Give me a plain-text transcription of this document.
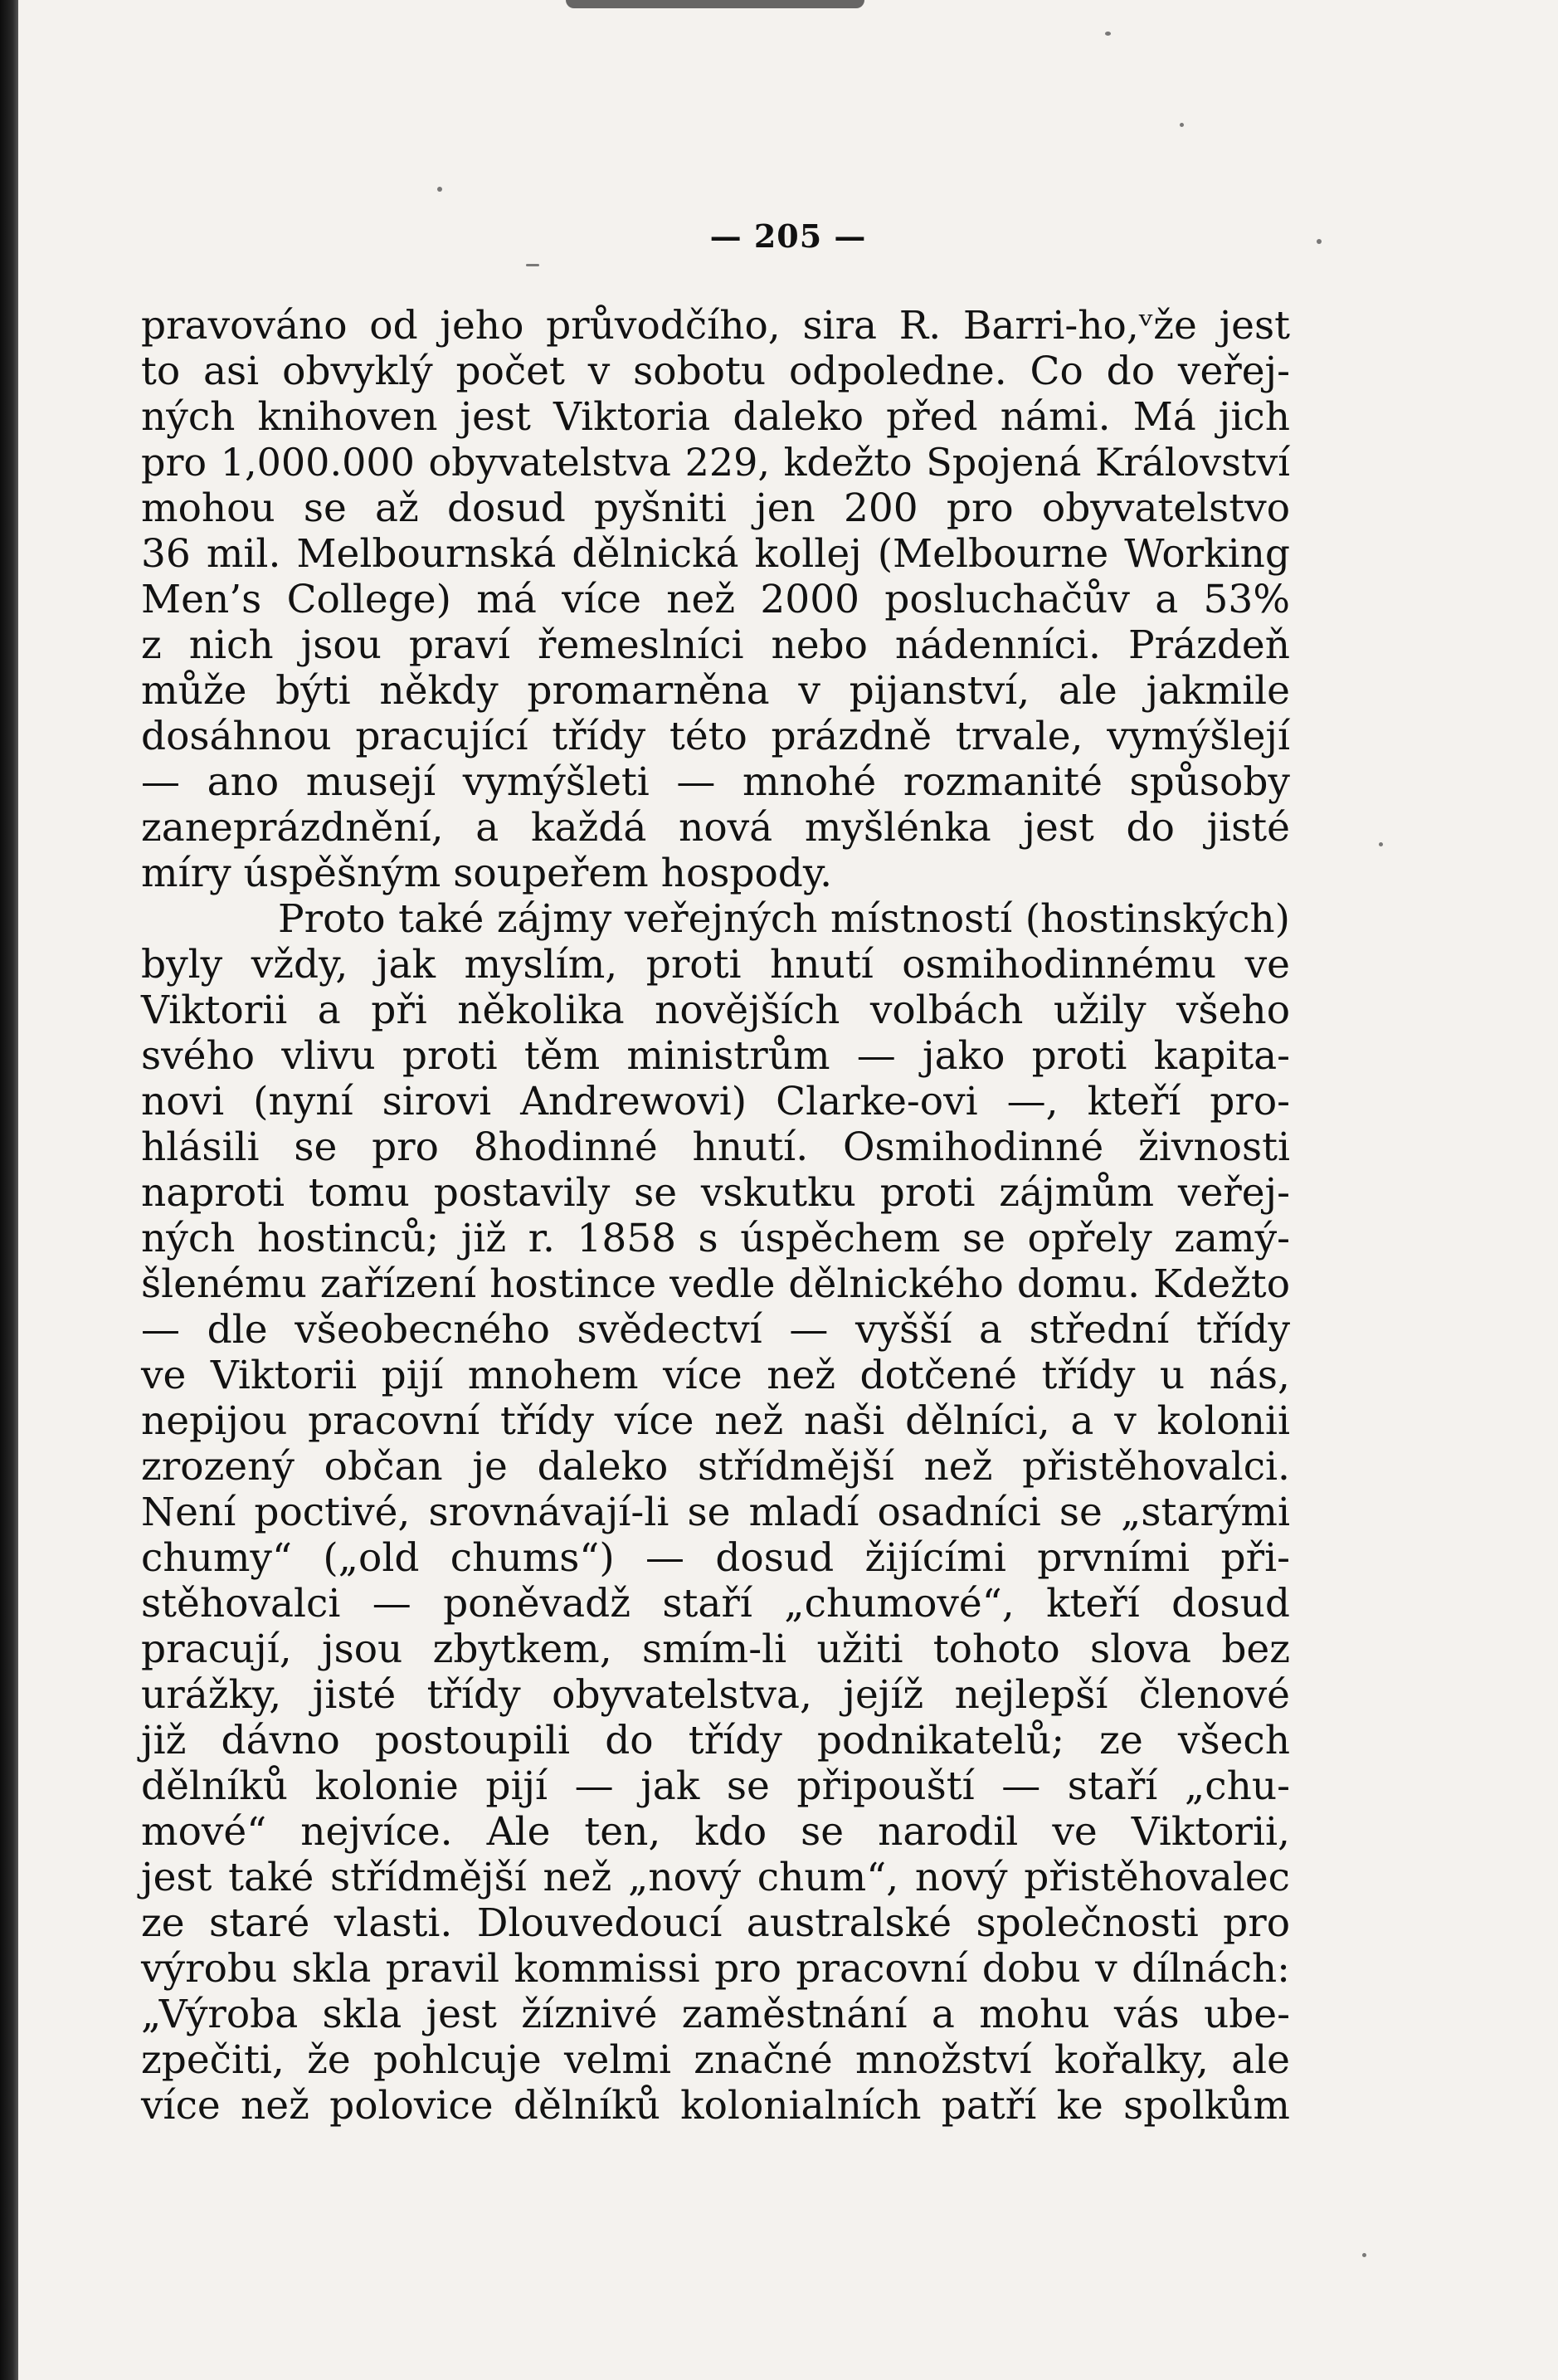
— 205 —
pravováno od jeho průvodčího, sira R. Barri-ho,ᵛže jest
to asi obvyklý počet v sobotu odpoledne. Co do veřej-
ných knihoven jest Viktoria daleko před námi. Má jich
pro 1,000.000 obyvatelstva 229, kdežto Spojená Království
mohou se až dosud pyšniti jen 200 pro obyvatelstvo
36 mil. Melbournská dělnická kollej (Melbourne Working
Men’s College) má více než 2000 posluchačův a 53%
z nich jsou praví řemeslníci nebo nádenníci. Prázdeň
může býti někdy promarněna v pijanství, ale jakmile
dosáhnou pracující třídy této prázdně trvale, vymýšlejí
— ano musejí vymýšleti — mnohé rozmanité spůsoby
zaneprázdnění, a každá nová myšlénka jest do jisté
míry úspěšným soupeřem hospody.
Proto také zájmy veřejných místností (hostinských)
byly vždy, jak myslím, proti hnutí osmihodinnému ve
Viktorii a při několika novějších volbách užily všeho
svého vlivu proti těm ministrům — jako proti kapita-
novi (nyní sirovi Andrewovi) Clarke-ovi —, kteří pro-
hlásili se pro 8hodinné hnutí. Osmihodinné živnosti
naproti tomu postavily se vskutku proti zájmům veřej-
ných hostinců; již r. 1858 s úspěchem se opřely zamý-
šlenému zařízení hostince vedle dělnického domu. Kdežto
— dle všeobecného svědectví — vyšší a střední třídy
ve Viktorii pijí mnohem více než dotčené třídy u nás,
nepijou pracovní třídy více než naši dělníci, a v kolonii
zrozený občan je daleko střídmější než přistěhovalci.
Není poctivé, srovnávají-li se mladí osadníci se „starými
chumy“ („old chums“) — dosud žijícími prvními při-
stěhovalci — poněvadž staří „chumové“, kteří dosud
pracují, jsou zbytkem, smím-li užiti tohoto slova bez
urážky, jisté třídy obyvatelstva, jejíž nejlepší členové
již dávno postoupili do třídy podnikatelů; ze všech
dělníků kolonie pijí — jak se připouští — staří „chu-
mové“ nejvíce. Ale ten, kdo se narodil ve Viktorii,
jest také střídmější než „nový chum“, nový přistěhovalec
ze staré vlasti. Dlouvedoucí australské společnosti pro
výrobu skla pravil kommissi pro pracovní dobu v dílnách:
„Výroba skla jest žíznivé zaměstnání a mohu vás ube-
zpečiti, že pohlcuje velmi značné množství kořalky, ale
více než polovice dělníků kolonialních patří ke spolkům
